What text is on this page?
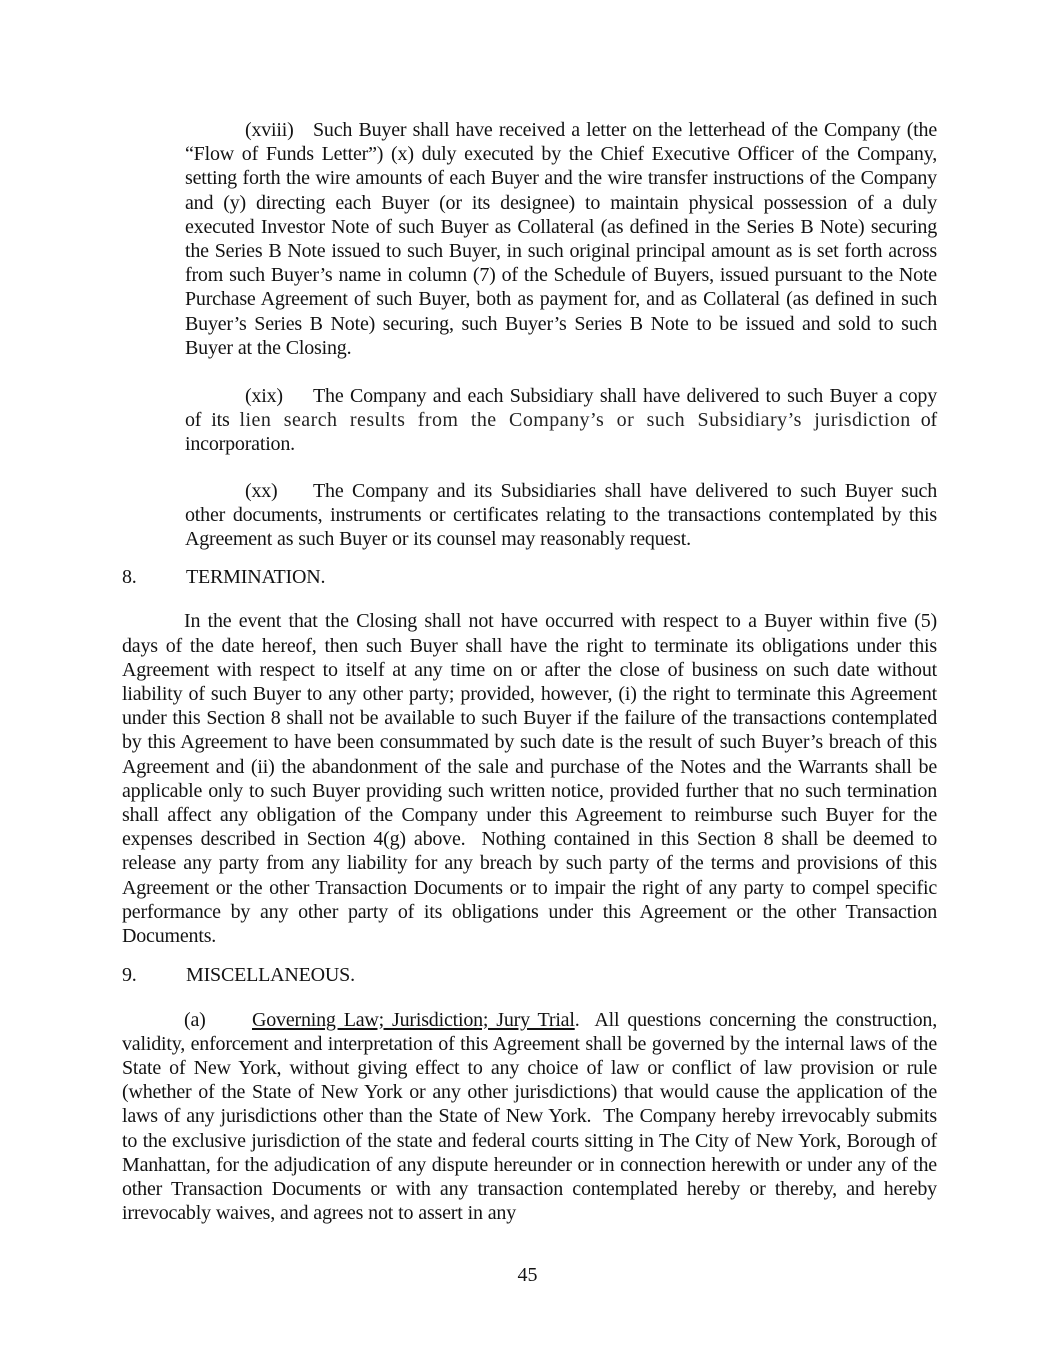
(xviii) Such Buyer shall have received a letter on the letterhead of the Company (the “Flow of Funds Letter”) (x) duly executed by the Chief Executive Officer of the Company, setting forth the wire amounts of each Buyer and the wire transfer instructions of the Company and (y) directing each Buyer (or its designee) to maintain physical possession of a duly executed Investor Note of such Buyer as Collateral (as defined in the Series B Note) securing the Series B Note issued to such Buyer, in such original principal amount as is set forth across from such Buyer’s name in column (7) of the Schedule of Buyers, issued pursuant to the Note Purchase Agreement of such Buyer, both as payment for, and as Collateral (as defined in such Buyer’s Series B Note) securing, such Buyer’s Series B Note to be issued and sold to such Buyer at the Closing.

(xix) The Company and each Subsidiary shall have delivered to such Buyer a copy of its lien search results from the Company’s or such Subsidiary’s jurisdiction of incorporation.

(xx) The Company and its Subsidiaries shall have delivered to such Buyer such other documents, instruments or certificates relating to the transactions contemplated by this Agreement as such Buyer or its counsel may reasonably request.

8. TERMINATION.

In the event that the Closing shall not have occurred with respect to a Buyer within five (5) days of the date hereof, then such Buyer shall have the right to terminate its obligations under this Agreement with respect to itself at any time on or after the close of business on such date without liability of such Buyer to any other party; provided, however, (i) the right to terminate this Agreement under this Section 8 shall not be available to such Buyer if the failure of the transactions contemplated by this Agreement to have been consummated by such date is the result of such Buyer’s breach of this Agreement and (ii) the abandonment of the sale and purchase of the Notes and the Warrants shall be applicable only to such Buyer providing such written notice, provided further that no such termination shall affect any obligation of the Company under this Agreement to reimburse such Buyer for the expenses described in Section 4(g) above.  Nothing contained in this Section 8 shall be deemed to release any party from any liability for any breach by such party of the terms and provisions of this Agreement or the other Transaction Documents or to impair the right of any party to compel specific performance by any other party of its obligations under this Agreement or the other Transaction Documents.

9. MISCELLANEOUS.

(a) Governing Law; Jurisdiction; Jury Trial.  All questions concerning the construction, validity, enforcement and interpretation of this Agreement shall be governed by the internal laws of the State of New York, without giving effect to any choice of law or conflict of law provision or rule (whether of the State of New York or any other jurisdictions) that would cause the application of the laws of any jurisdictions other than the State of New York.  The Company hereby irrevocably submits to the exclusive jurisdiction of the state and federal courts sitting in The City of New York, Borough of Manhattan, for the adjudication of any dispute hereunder or in connection herewith or under any of the other Transaction Documents or with any transaction contemplated hereby or thereby, and hereby irrevocably waives, and agrees not to assert in any

45
